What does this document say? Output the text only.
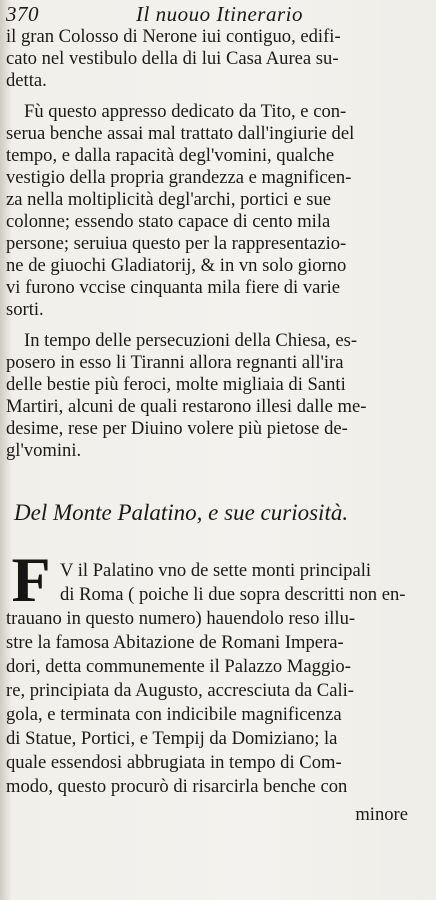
370	Il nuouo Itinerario
il gran Colosso di Nerone iui contiguo, edifi-
cato nel vestibulo della di lui Casa Aurea su-
detta.
Fù questo appresso dedicato da Tito, e con-
serua benche assai mal trattato dall'ingiurie del
tempo, e dalla rapacità degl'vomini, qualche
vestigio della propria grandezza e magnificen-
za nella moltiplicità degl'archi, portici e sue
colonne; essendo stato capace di cento mila
persone; seruiua questo per la rappresentazio-
ne de giuochi Gladiatorij, & in vn solo giorno
vi furono vccise cinquanta mila fiere di varie
sorti.
In tempo delle persecuzioni della Chiesa, es-
posero in esso li Tiranni allora regnanti all'ira
delle bestie più feroci, molte migliaia di Santi
Martiri, alcuni de quali restarono illesi dalle me-
desime, rese per Diuino volere più pietose de-
gl'vomini.
Del Monte Palatino, e sue curiosità.
F V il Palatino vno de sette monti principali
di Roma ( poiche li due sopra descritti non en-
trauano in questo numero) hauendolo reso illu-
stre la famosa Abitazione de Romani Impera-
dori, detta communemente il Palazzo Maggio-
re, principiata da Augusto, accresciuta da Cali-
gola, e terminata con indicibile magnificenza
di Statue, Portici, e Tempij da Domiziano; la
quale essendosi abbrugiata in tempo di Com-
modo, questo procurò di risarcirla benche con
minore
